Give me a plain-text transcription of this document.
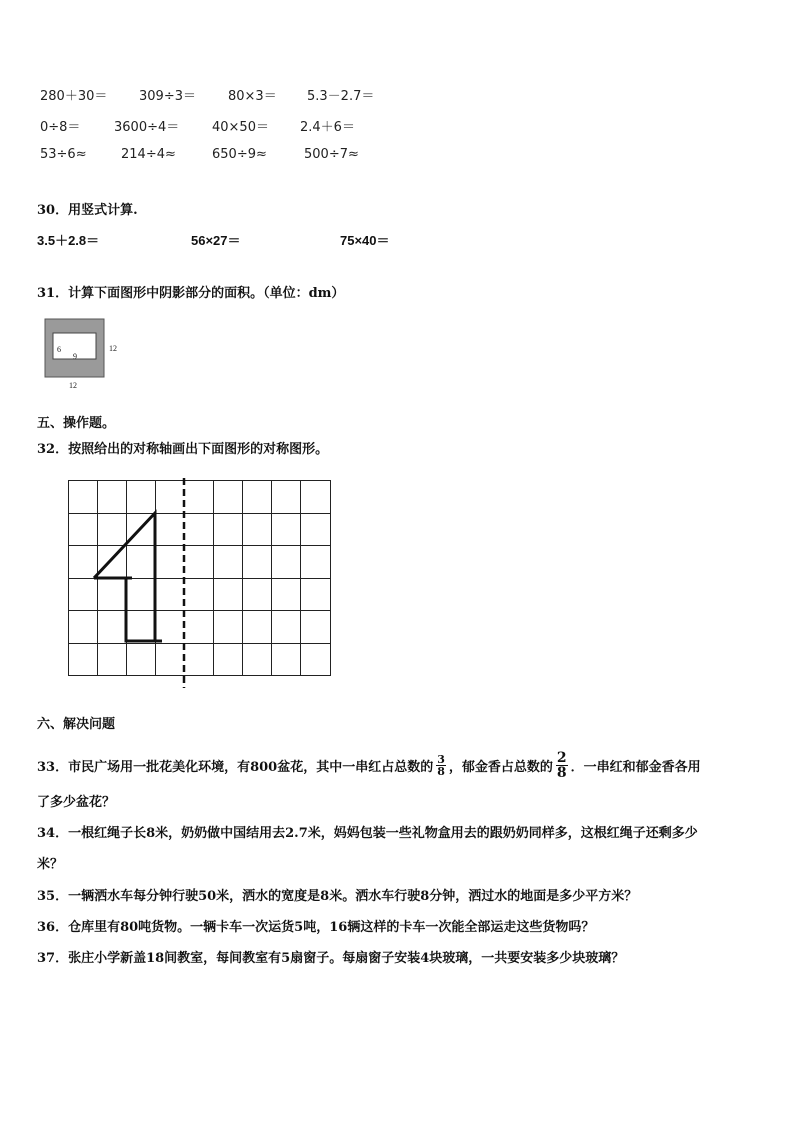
280＋30＝ 309÷3＝ 80×3＝ 5.3－2.7＝
0÷8＝	3600÷4＝	40×50＝ 2.4＋6＝
53÷6≈	214÷4≈	650÷9≈	500÷7≈
30．用竖式计算.
3.5＋2.8＝	56×27＝	75×40＝
31．计算下面图形中阴影部分的面积。（单位：dm）
6
9
12
12
五、操作题。
32．按照给出的对称轴画出下面图形的对称图形。
六、解决问题
33．市民广场用一批花美化环境，有800盆花，其中一串红占总数的 $\frac{3}{8}$ ，郁金香占总数的 $\frac{2}{8}$ ．一串红和郁金香各用
了多少盆花？
34．一根红绳子长8米，奶奶做中国结用去2.7米，妈妈包装一些礼物盒用去的跟奶奶同样多，这根红绳子还剩多少
米？
35．一辆洒水车每分钟行驶50米，洒水的宽度是8米。洒水车行驶8分钟，洒过水的地面是多少平方米？
36．仓库里有80吨货物。一辆卡车一次运货5吨，16辆这样的卡车一次能全部运走这些货物吗？
37．张庄小学新盖18间教室，每间教室有5扇窗子。每扇窗子安装4块玻璃，一共要安装多少块玻璃？
